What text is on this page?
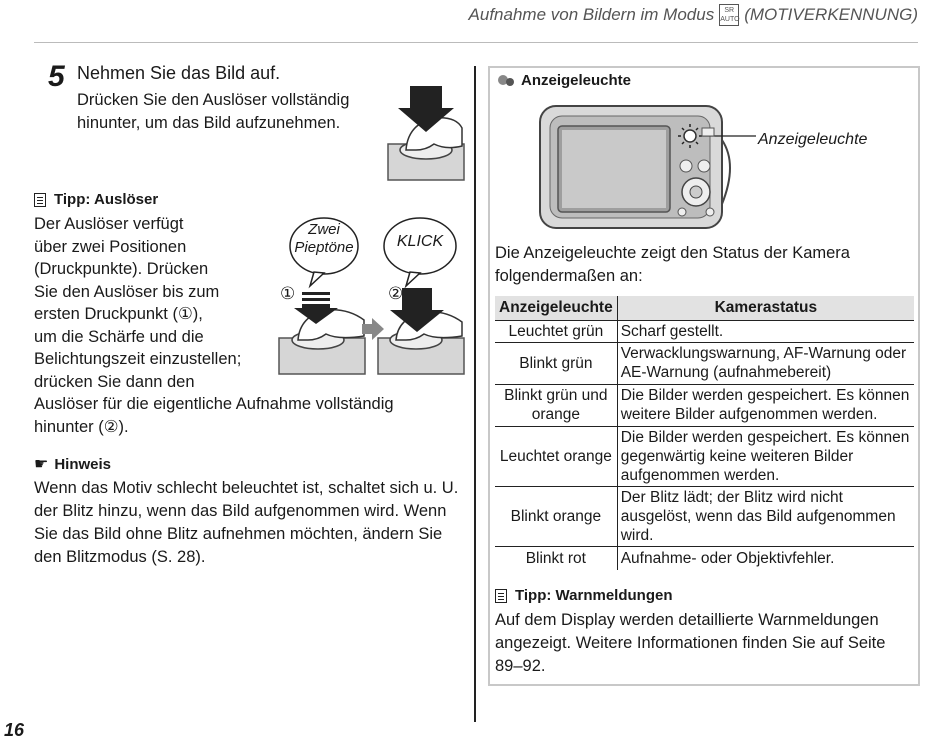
Aufnahme von Bildern im Modus	SR
AUTO (MOTIVERKENNUNG)
5 Nehmen Sie das Bild auf.
Drücken Sie den Auslöser vollständig hinunter, um das Bild aufzunehmen.
Tipp: Auslöser
Der Auslöser verfügt
über zwei Positionen
(Druckpunkte). Drücken
Sie den Auslöser bis zum
ersten Druckpunkt (①),
um die Schärfe und die
Belichtungszeit einzustellen;
drücken Sie dann den
Auslöser für die eigentliche Aufnahme vollständig
hinunter (②).
Zwei Pieptöne
①
KLICK
②
☛ Hinweis
Wenn das Motiv schlecht beleuchtet ist, schaltet sich u. U. der Blitz hinzu, wenn das Bild aufgenommen wird. Wenn Sie das Bild ohne Blitz aufnehmen möchten, ändern Sie den Blitzmodus (S. 28).
Anzeigeleuchte
Anzeigeleuchte
Die Anzeigeleuchte zeigt den Status der Kamera folgendermaßen an:
Anzeigeleuchte	Kamerastatus
Leuchtet grün	Scharf gestellt.
Blinkt grün	Verwacklungswarnung, AF-Warnung oder AE-Warnung (aufnahmebereit)
Blinkt grün und orange	Die Bilder werden gespeichert. Es können weitere Bilder aufgenommen werden.
Leuchtet orange	Die Bilder werden gespeichert. Es können gegenwärtig keine weiteren Bilder aufgenommen werden.
Blinkt orange	Der Blitz lädt; der Blitz wird nicht ausgelöst, wenn das Bild aufgenommen wird.
Blinkt rot	Aufnahme- oder Objektivfehler.
Tipp: Warnmeldungen
Auf dem Display werden detaillierte Warnmeldungen angezeigt. Weitere Informationen finden Sie auf Seite 89–92.
16
